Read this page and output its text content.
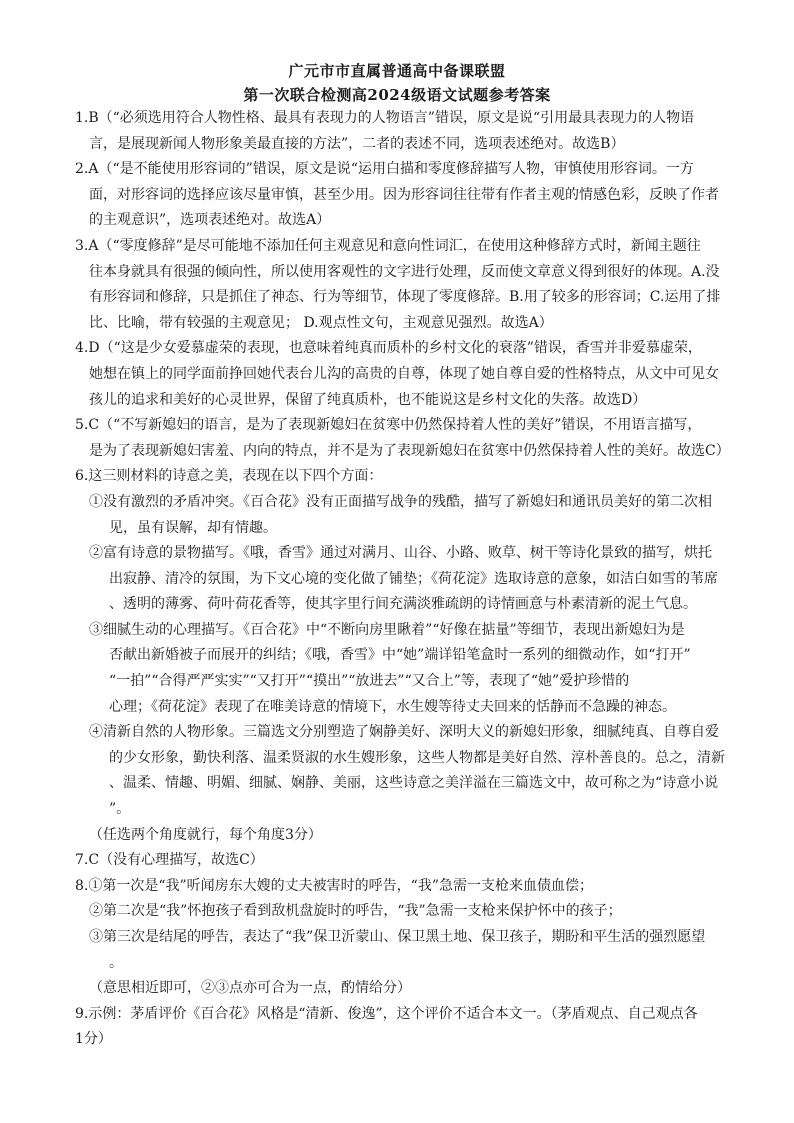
广元市市直属普通高中备课联盟
第一次联合检测高2024级语文试题参考答案
1.B（“必须选用符合人物性格、最具有表现力的人物语言”错误，原文是说“引用最具表现力的人物语
言，是展现新闻人物形象美最直接的方法”，二者的表述不同，选项表述绝对。故选B）
2.A（“是不能使用形容词的”错误，原文是说“运用白描和零度修辞描写人物，审慎使用形容词。一方
面，对形容词的选择应该尽量审慎，甚至少用。因为形容词往往带有作者主观的情感色彩，反映了作者
的主观意识”，选项表述绝对。故选A）
3.A（“零度修辞”是尽可能地不添加任何主观意见和意向性词汇，在使用这种修辞方式时，新闻主题往
往本身就具有很强的倾向性，所以使用客观性的文字进行处理，反而使文章意义得到很好的体现。A.没
有形容词和修辞，只是抓住了神态、行为等细节，体现了零度修辞。B.用了较多的形容词；C.运用了排
比、比喻，带有较强的主观意见； D.观点性文句，主观意见强烈。故选A）
4.D（“这是少女爱慕虚荣的表现，也意味着纯真而质朴的乡村文化的衰落”错误，香雪并非爱慕虚荣，
她想在镇上的同学面前挣回她代表台儿沟的高贵的自尊，体现了她自尊自爱的性格特点，从文中可见女
孩儿的追求和美好的心灵世界，保留了纯真质朴，也不能说这是乡村文化的失落。故选D）
5.C（“不写新媳妇的语言，是为了表现新媳妇在贫寒中仍然保持着人性的美好”错误，不用语言描写，
是为了表现新媳妇害羞、内向的特点，并不是为了表现新媳妇在贫寒中仍然保持着人性的美好。故选C）
6.这三则材料的诗意之美，表现在以下四个方面：
①没有激烈的矛盾冲突。《百合花》没有正面描写战争的残酷，描写了新媳妇和通讯员美好的第二次相
见，虽有误解，却有情趣。
②富有诗意的景物描写。《哦，香雪》通过对满月、山谷、小路、败草、树干等诗化景致的描写，烘托
出寂静、清冷的氛围，为下文心境的变化做了铺垫；《荷花淀》选取诗意的意象，如洁白如雪的苇席
、透明的薄雾、荷叶荷花香等，使其字里行间充满淡雅疏朗的诗情画意与朴素清新的泥土气息。
③细腻生动的心理描写。《百合花》中“不断向房里瞅着”“好像在掂量”等细节，表现出新媳妇为是
否献出新婚被子而展开的纠结；《哦，香雪》中“她”端详铅笔盒时一系列的细微动作，如“打开”
“一拍”“合得严严实实”“又打开”“摸出”“放进去”“又合上”等，表现了“她”爱护珍惜的
心理；《荷花淀》表现了在唯美诗意的情境下，水生嫂等待丈夫回来的恬静而不急躁的神态。
④清新自然的人物形象。三篇选文分别塑造了娴静美好、深明大义的新媳妇形象，细腻纯真、自尊自爱
的少女形象，勤快利落、温柔贤淑的水生嫂形象，这些人物都是美好自然、淳朴善良的。总之，清新
、温柔、情趣、明媚、细腻、娴静、美丽，这些诗意之美洋溢在三篇选文中，故可称之为“诗意小说
”。
（任选两个角度就行，每个角度3分）
7.C（没有心理描写，故选C）
8.①第一次是“我”听闻房东大嫂的丈夫被害时的呼告，“我”急需一支枪来血债血偿；
②第二次是“我”怀抱孩子看到敌机盘旋时的呼告，“我”急需一支枪来保护怀中的孩子；
③第三次是结尾的呼告，表达了“我”保卫沂蒙山、保卫黑土地、保卫孩子，期盼和平生活的强烈愿望
。
（意思相近即可，②③点亦可合为一点，酌情给分）
9.示例：茅盾评价《百合花》风格是“清新、俊逸”，这个评价不适合本文一。（茅盾观点、自己观点各
1分）
